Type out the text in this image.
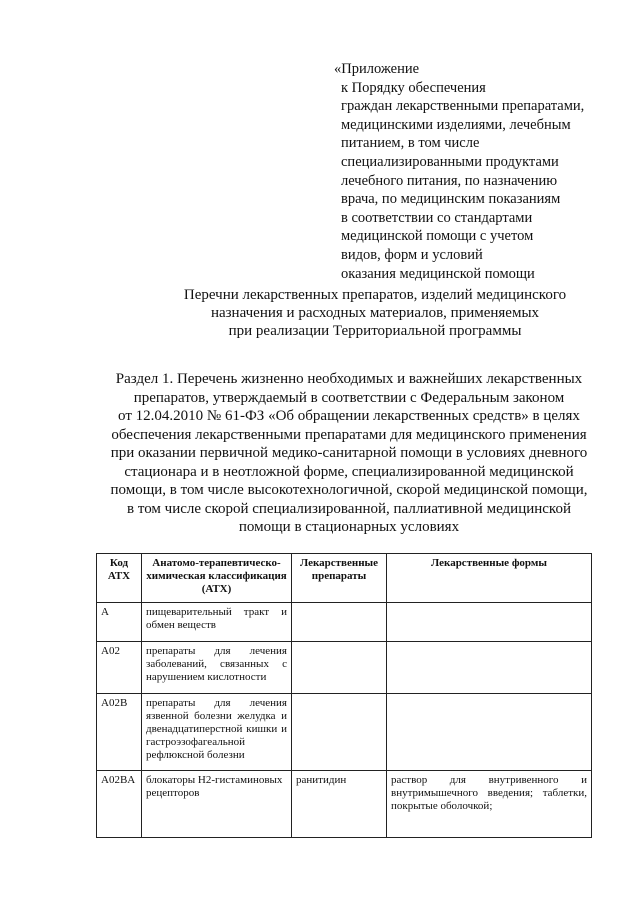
«Приложение
к Порядку обеспечения
граждан лекарственными препаратами,
медицинскими изделиями, лечебным
питанием, в том числе
специализированными продуктами
лечебного питания, по назначению
врача, по медицинским показаниям
в соответствии со стандартами
медицинской помощи с учетом
видов, форм и условий
оказания медицинской помощи
Перечни лекарственных препаратов, изделий медицинского
назначения и расходных материалов, применяемых
при реализации Территориальной программы
Раздел 1. Перечень жизненно необходимых и важнейших лекарственных
препаратов, утверждаемый в соответствии с Федеральным законом
от 12.04.2010 № 61-ФЗ «Об обращении лекарственных средств» в целях
обеспечения лекарственными препаратами для медицинского применения
при оказании первичной медико-санитарной помощи в условиях дневного
стационара и в неотложной форме, специализированной медицинской
помощи, в том числе высокотехнологичной, скорой медицинской помощи,
в том числе скорой специализированной, паллиативной медицинской
помощи в стационарных условиях
Код АТХ	Анатомо-терапевтическо-химическая классификация (АТХ)	Лекарственные препараты	Лекарственные формы
A	пищеварительный тракт и обмен веществ		
A02	препараты для лечения заболеваний, связанных с нарушением кислотности		
A02B	препараты для лечения язвенной болезни желудка и двенадцатиперстной кишки и гастроэзофагеальной рефлюксной болезни		
A02BA	блокаторы Н2-гистаминовых рецепторов	ранитидин	раствор для внутривенного и внутримышечного введения; таблетки, покрытые оболочкой;
